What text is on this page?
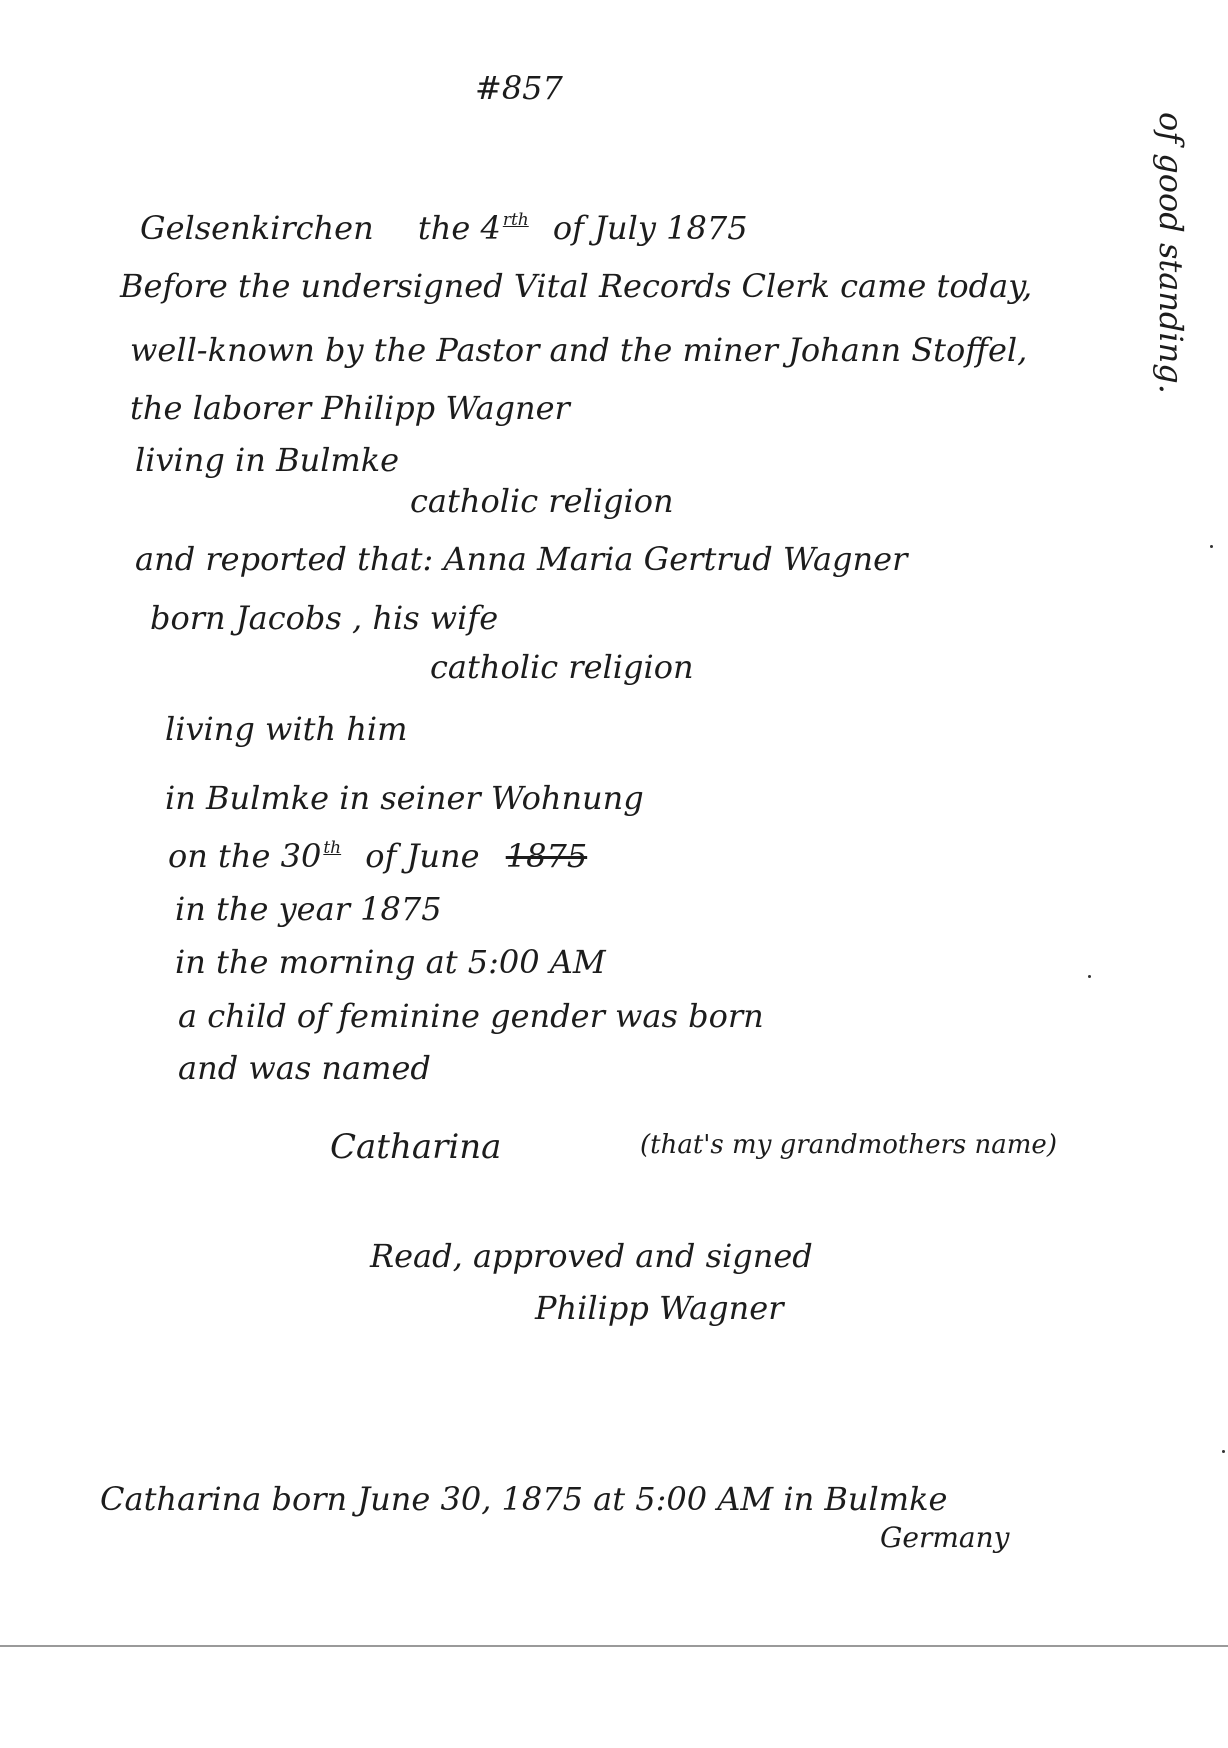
#857
of good standing.
Gelsenkirchen the 4 $^{rth}$ of July 1875
Before the undersigned Vital Records Clerk came today,
well-known by the Pastor and the miner Johann Stoffel,
the laborer Philipp Wagner
living in Bulmke
catholic religion
and reported that: Anna Maria Gertrud Wagner
born Jacobs , his wife
catholic religion
living with him
in Bulmke in seiner Wohnung
on the 30 $^{th}$ of June 1875
in the year 1875
in the morning at 5:00 AM
a child of feminine gender was born
and was named
Catharina	(that's my grandmothers name)
Read, approved and signed
Philipp Wagner
Catharina born June 30, 1875 at 5:00 AM in Bulmke
Germany
